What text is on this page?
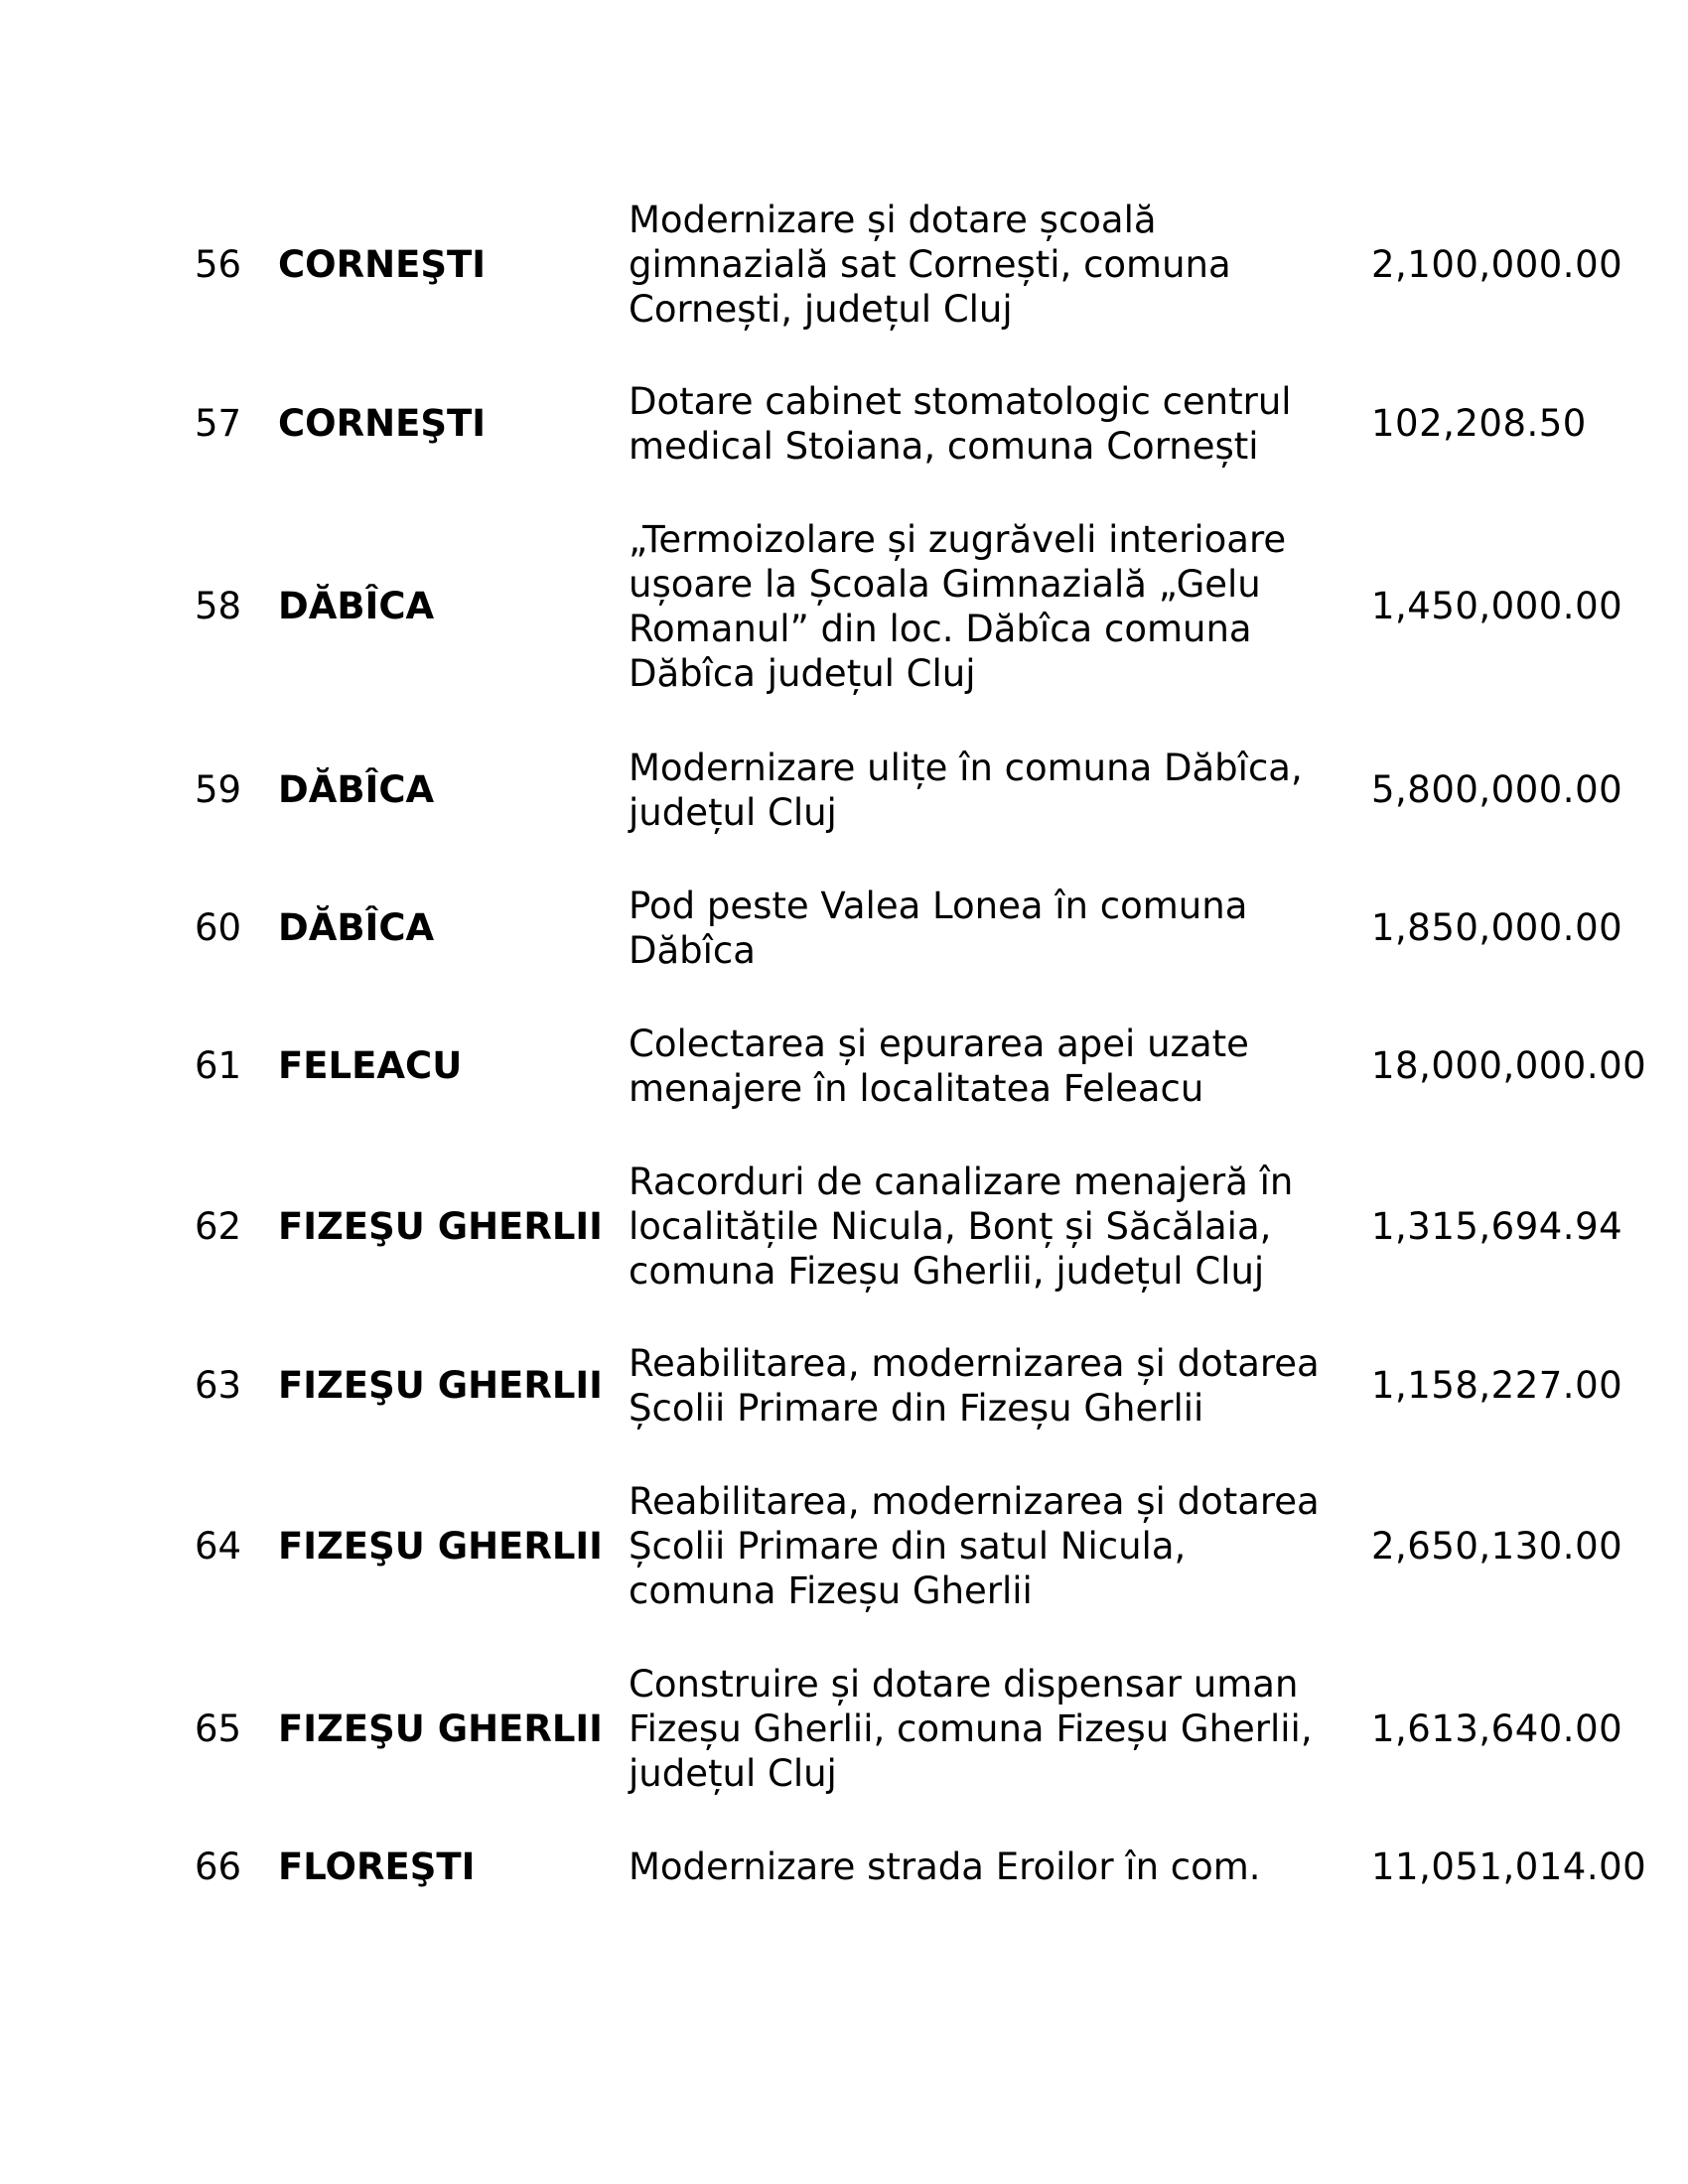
56 CORNEŞTI
Modernizare și dotare școală
gimnazială sat Cornești, comuna
Cornești, județul Cluj
2,100,000.00
57 CORNEŞTI
Dotare cabinet stomatologic centrul
medical Stoiana, comuna Cornești
102,208.50
58 DĂBÎCA
„Termoizolare și zugrăveli interioare
ușoare la Școala Gimnazială „Gelu
Romanul” din loc. Dăbîca comuna
Dăbîca județul Cluj
1,450,000.00
59 DĂBÎCA
Modernizare ulițe în comuna Dăbîca,
județul Cluj
5,800,000.00
60 DĂBÎCA
Pod peste Valea Lonea în comuna
Dăbîca
1,850,000.00
61 FELEACU
Colectarea și epurarea apei uzate
menajere în localitatea Feleacu
18,000,000.00
62 FIZEŞU GHERLII
Racorduri de canalizare menajeră în
localitățile Nicula, Bonț și Săcălaia,
comuna Fizeșu Gherlii, județul Cluj
1,315,694.94
63 FIZEŞU GHERLII
Reabilitarea, modernizarea și dotarea
Școlii Primare din Fizeșu Gherlii
1,158,227.00
64 FIZEŞU GHERLII
Reabilitarea, modernizarea și dotarea
Școlii Primare din satul Nicula,
comuna Fizeșu Gherlii
2,650,130.00
65 FIZEŞU GHERLII
Construire și dotare dispensar uman
Fizeșu Gherlii, comuna Fizeșu Gherlii,
județul Cluj
1,613,640.00
66 FLOREŞTI	Modernizare strada Eroilor în com.	11,051,014.00
